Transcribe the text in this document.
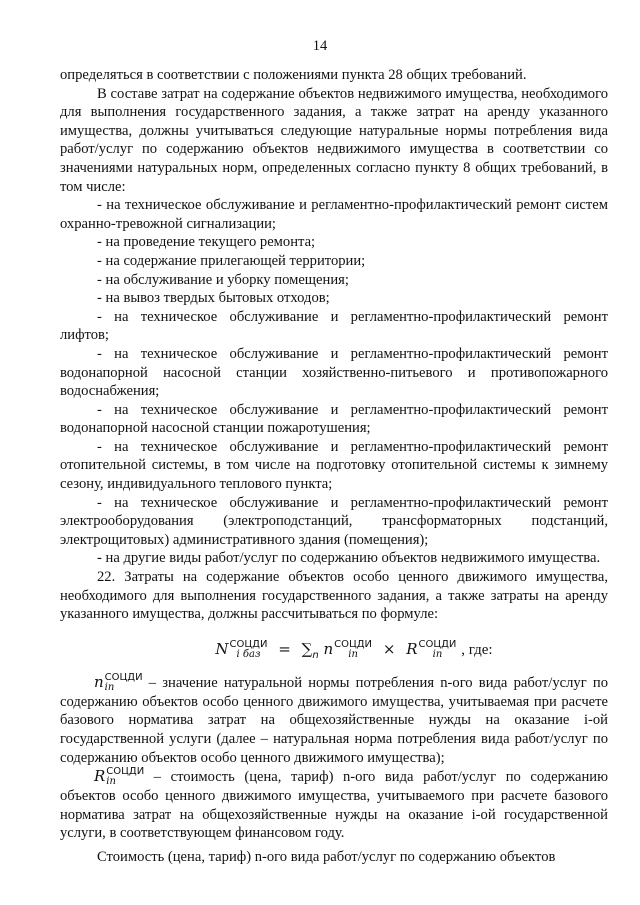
14

определяться в соответствии с положениями пункта 28 общих требований.

В составе затрат на содержание объектов недвижимого имущества, необходимого для выполнения государственного задания, а также затрат на аренду указанного имущества, должны учитываться следующие натуральные нормы потребления вида работ/услуг по содержанию объектов недвижимого имущества в соответствии со значениями натуральных норм, определенных согласно пункту 8 общих требований, в том числе:

- на техническое обслуживание и регламентно-профилактический ремонт систем охранно-тревожной сигнализации;

- на проведение текущего ремонта;

- на содержание прилегающей территории;

- на обслуживание и уборку помещения;

- на вывоз твердых бытовых отходов;

- на техническое обслуживание и регламентно-профилактический ремонт лифтов;

- на техническое обслуживание и регламентно-профилактический ремонт водонапорной насосной станции хозяйственно-питьевого и противопожарного водоснабжения;

- на техническое обслуживание и регламентно-профилактический ремонт водонапорной насосной станции пожаротушения;

- на техническое обслуживание и регламентно-профилактический ремонт отопительной системы, в том числе на подготовку отопительной системы к зимнему сезону, индивидуального теплового пункта;

- на техническое обслуживание и регламентно-профилактический ремонт электрооборудования (электроподстанций, трансформаторных подстанций, электрощитовых) административного здания (помещения);

- на другие виды работ/услуг по содержанию объектов недвижимого имущества.

22. Затраты на содержание объектов особо ценного движимого имущества, необходимого для выполнения государственного задания, а также затраты на аренду указанного имущества, должны рассчитываться по формуле:

N СОЦДИ
i баз	= $\sum_n$ n СОЦДИ
in	× R СОЦДИ
in	, где:

n СОЦДИ
in	– значение натуральной нормы потребления n-ого вида работ/услуг по содержанию объектов особо ценного движимого имущества, учитываемая при расчете базового норматива затрат на общехозяйственные нужды на оказание i-ой государственной услуги (далее – натуральная норма потребления вида работ/услуг по содержанию объектов особо ценного движимого имущества);

R СОЦДИ
in	– стоимость (цена, тариф) n-ого вида работ/услуг по содержанию объектов особо ценного движимого имущества, учитываемого при расчете базового норматива затрат на общехозяйственные нужды на оказание i-ой государственной услуги, в соответствующем финансовом году.

Стоимость (цена, тариф) n-ого вида работ/услуг по содержанию объектов
